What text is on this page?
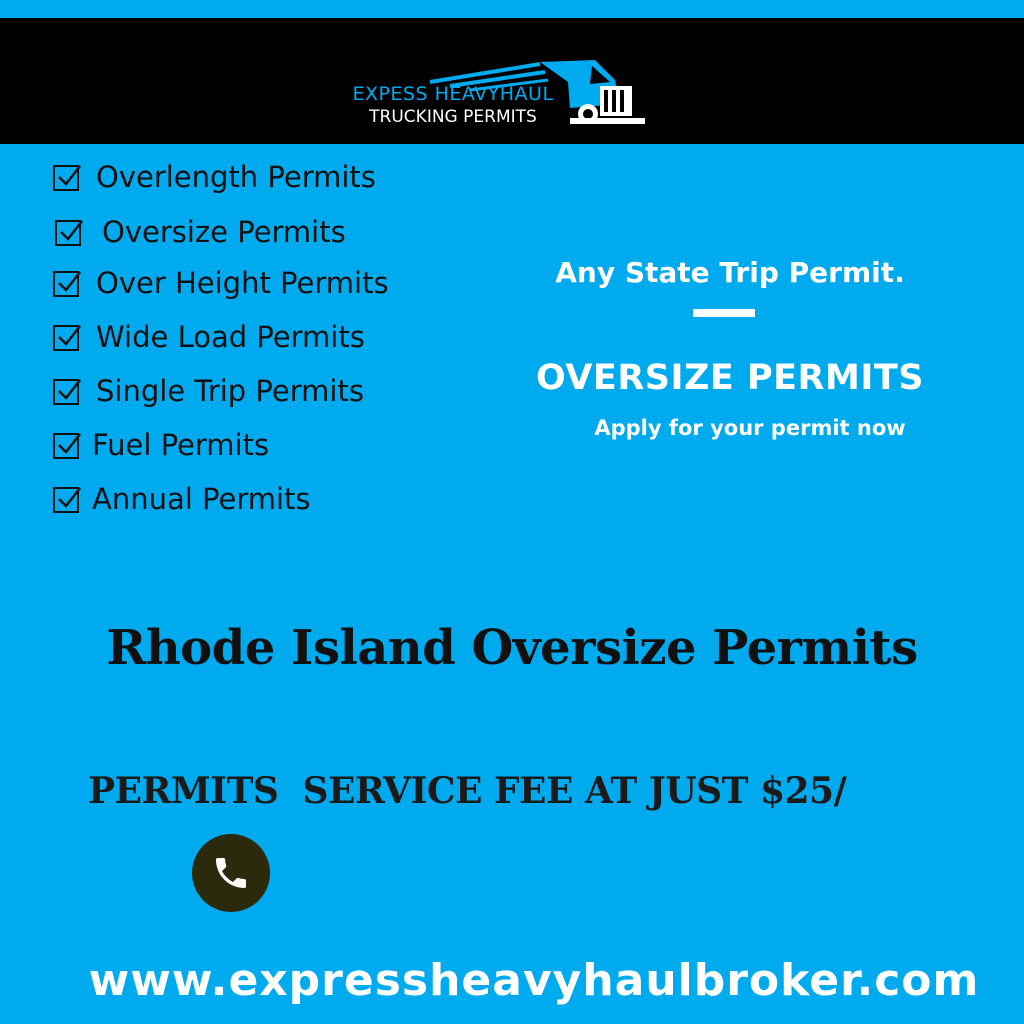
EXPESS HEAVYHAUL
TRUCKING PERMITS
Overlength Permits
Oversize Permits
Over Height Permits
Wide Load Permits
Single Trip Permits
Fuel Permits
Annual Permits
Any State Trip Permit.
OVERSIZE PERMITS
Apply for your permit now
Rhode Island Oversize Permits
PERMITS  SERVICE FEE AT JUST $25/
www.expressheavyhaulbroker.com
